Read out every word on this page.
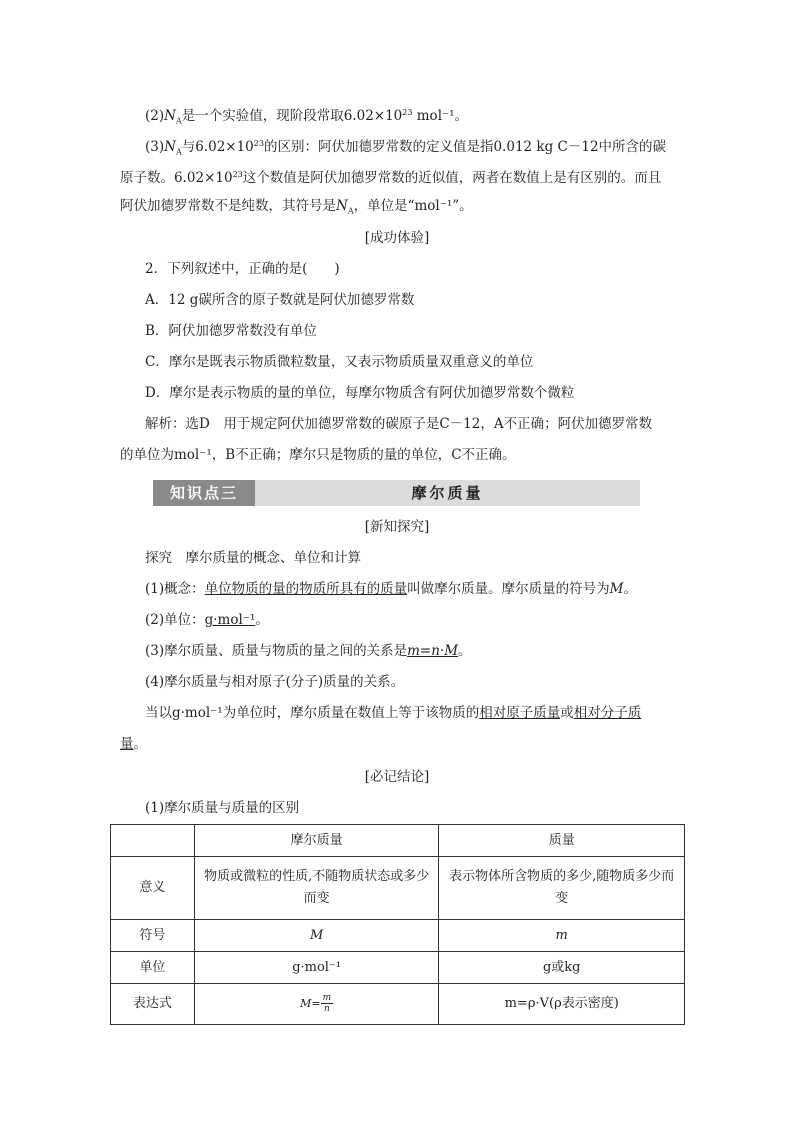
$(2)N_A$是一个实验值，现阶段常取$6.02\times 10^{23}$ mol⁻¹。
$(3)N_A$与$6.02\times 10^{23}$的区别：阿伏加德罗常数的定义值是指0.012 kg C－12中所含的碳
原子数。$6.02\times 10^{23}$这个数值是阿伏加德罗常数的近似值，两者在数值上是有区别的。而且
阿伏加德罗常数不是纯数，其符号是$N_A$，单位是“mol⁻¹”。
[成功体验]
2．下列叙述中，正确的是(　　)
A．12 g碳所含的原子数就是阿伏加德罗常数
B．阿伏加德罗常数没有单位
C．摩尔是既表示物质微粒数量，又表示物质质量双重意义的单位
D．摩尔是表示物质的量的单位，每摩尔物质含有阿伏加德罗常数个微粒
解析：选D　用于规定阿伏加德罗常数的碳原子是C－12，A不正确；阿伏加德罗常数
的单位为mol⁻¹，B不正确；摩尔只是物质的量的单位，C不正确。
知识点三	摩尔质量
[新知探究]
探究　摩尔质量的概念、单位和计算
(1)概念：单位物质的量的物质所具有的质量叫做摩尔质量。摩尔质量的符号为M。
(2)单位：g·mol⁻¹。
(3)摩尔质量、质量与物质的量之间的关系是m=n·M。
(4)摩尔质量与相对原子(分子)质量的关系。
当以g·mol⁻¹为单位时，摩尔质量在数值上等于该物质的相对原子质量或相对分子质
量。
[必记结论]
(1)摩尔质量与质量的区别
	摩尔质量	质量
意义	物质或微粒的性质,不随物质状态或多少而变	表示物体所含物质的多少,随物质多少而变
符号	M	m
单位	g·mol⁻¹	g或kg
表达式	$M= \frac{m}{n}$	m=ρ·V(ρ表示密度)
